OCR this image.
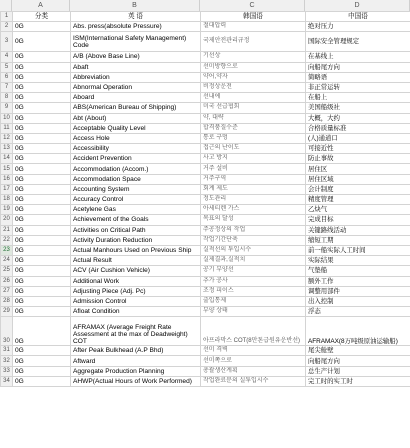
A	B	C	D
1	分类	英 语	韩国语	中国语
2	0G	Abs. press(absolute Pressure)	절대압력	绝对压力
3	0G	ISM(International Safety Management) Code	국제안전관리규정	国际安全管理规定
4	0G	A/B (Above Base Line)	기선상	在基线上
5	0G	Abaft	선미방향으로	向船尾方向
6	0G	Abbreviation	약어,약자	简略语
7	0G	Abnormal Operation	비정상운전	非正常运转
8	0G	Aboard	선내에	在船上
9	0G	ABS(American Bureau of Shipping)	미국 선급협회	美国船级社
10	0G	Abt (About)	약, 대략	大概，大约
11	0G	Acceptable Quality Level	합격품질수준	合格质量标准
12	0G	Access Hole	통로 구멍	(人)通道口
13	0G	Accessibility	접근의 난이도	可接近性
14	0G	Accident Prevention	사고 방지	防止事故
15	0G	Accommodation (Accom.)	거주 설비	居住区
16	0G	Accommodation Space	거주구역	居住区域
17	0G	Accounting System	회계 제도	会计制度
18	0G	Accuracy Control	정도관리	精度管理
19	0G	Acetylene Gas	아세티렌 가스	乙炔气
20	0G	Achievement of the Goals	목표의 달성	完成目标
21	0G	Activities on Critical Path	주공정상의 작업	关键路线活动
22	0G	Activity Duration Reduction	작업기간단축	缩短工期
23	0G	Actual Manhours Used on Previous Ship	실적선의 투입시수	前一船实际人工时间
24	0G	Actual Result	실제결과,실적치	实际结果
25	0G	ACV (Air Cushion Vehicle)	공기 부양선	气垫船
26	0G	Additional Work	추가 공사	额外工作
27	0G	Adjusting Piece (Adj. Pc)	조정 피이스	调整用部件
28	0G	Admission Control	출입통제	出入控制
29	0G	Afloat Condition	부양 상태	浮态
30	0G	AFRAMAX (Average Freight Rate Assessment at the max of Deadweight) COT	아프라막스 COT(8만톤급원유운반선)	AFRAMAX(8万吨级原油运输船)
31	0G	After Peak Bulkhead (A.P Bhd)	선미 격벽	尾尖舱壁
32	0G	Aftward	선미쪽으로	向船尾方向
33	0G	Aggregate Production Planning	총괄생산계획	总生产计划
34	0G	AHWP(Actual Hours of Work Performed)	작업완료분의 실투입시수	完工时的实工时
